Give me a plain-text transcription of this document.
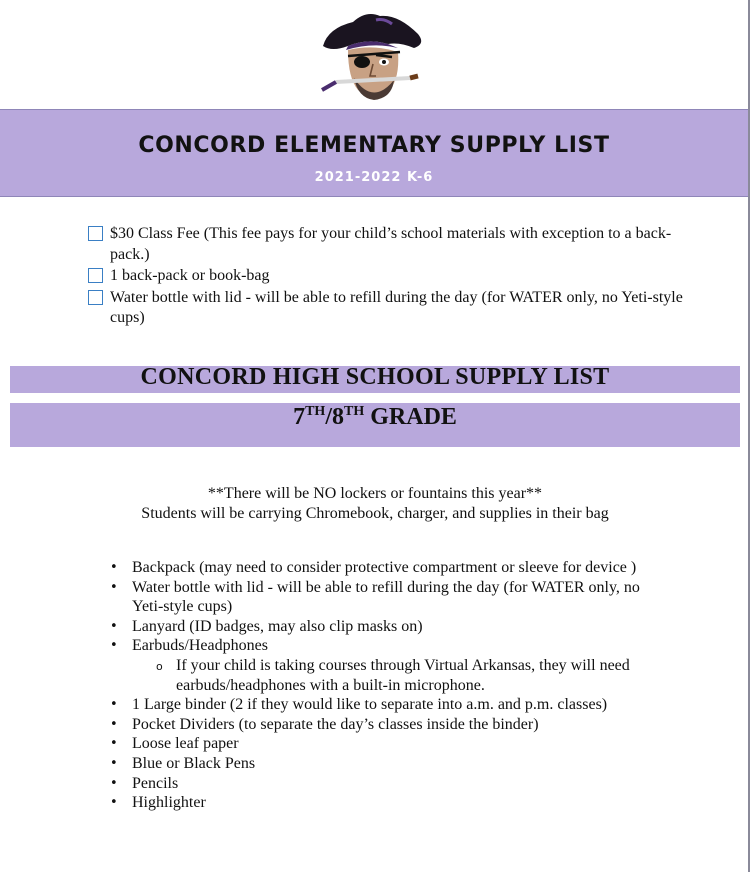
CONCORD ELEMENTARY SUPPLY LIST
2021-2022 K-6
$30 Class Fee (This fee pays for your child’s school materials with exception to a back-pack.)
1 back-pack or book-bag
Water bottle with lid - will be able to refill during the day (for WATER only, no Yeti-style cups)
CONCORD HIGH SCHOOL SUPPLY LIST
7TH/8TH GRADE
**There will be NO lockers or fountains this year**
Students will be carrying Chromebook, charger, and supplies in their bag
• Backpack (may need to consider protective compartment or sleeve for device )
• Water bottle with lid - will be able to refill during the day (for WATER only, no Yeti-style cups)
• Lanyard (ID badges, may also clip masks on)
• Earbuds/Headphones
o If your child is taking courses through Virtual Arkansas, they will need earbuds/headphones with a built-in microphone.
• 1 Large binder (2 if they would like to separate into a.m. and p.m. classes)
• Pocket Dividers (to separate the day’s classes inside the binder)
• Loose leaf paper
• Blue or Black Pens
• Pencils
• Highlighter
